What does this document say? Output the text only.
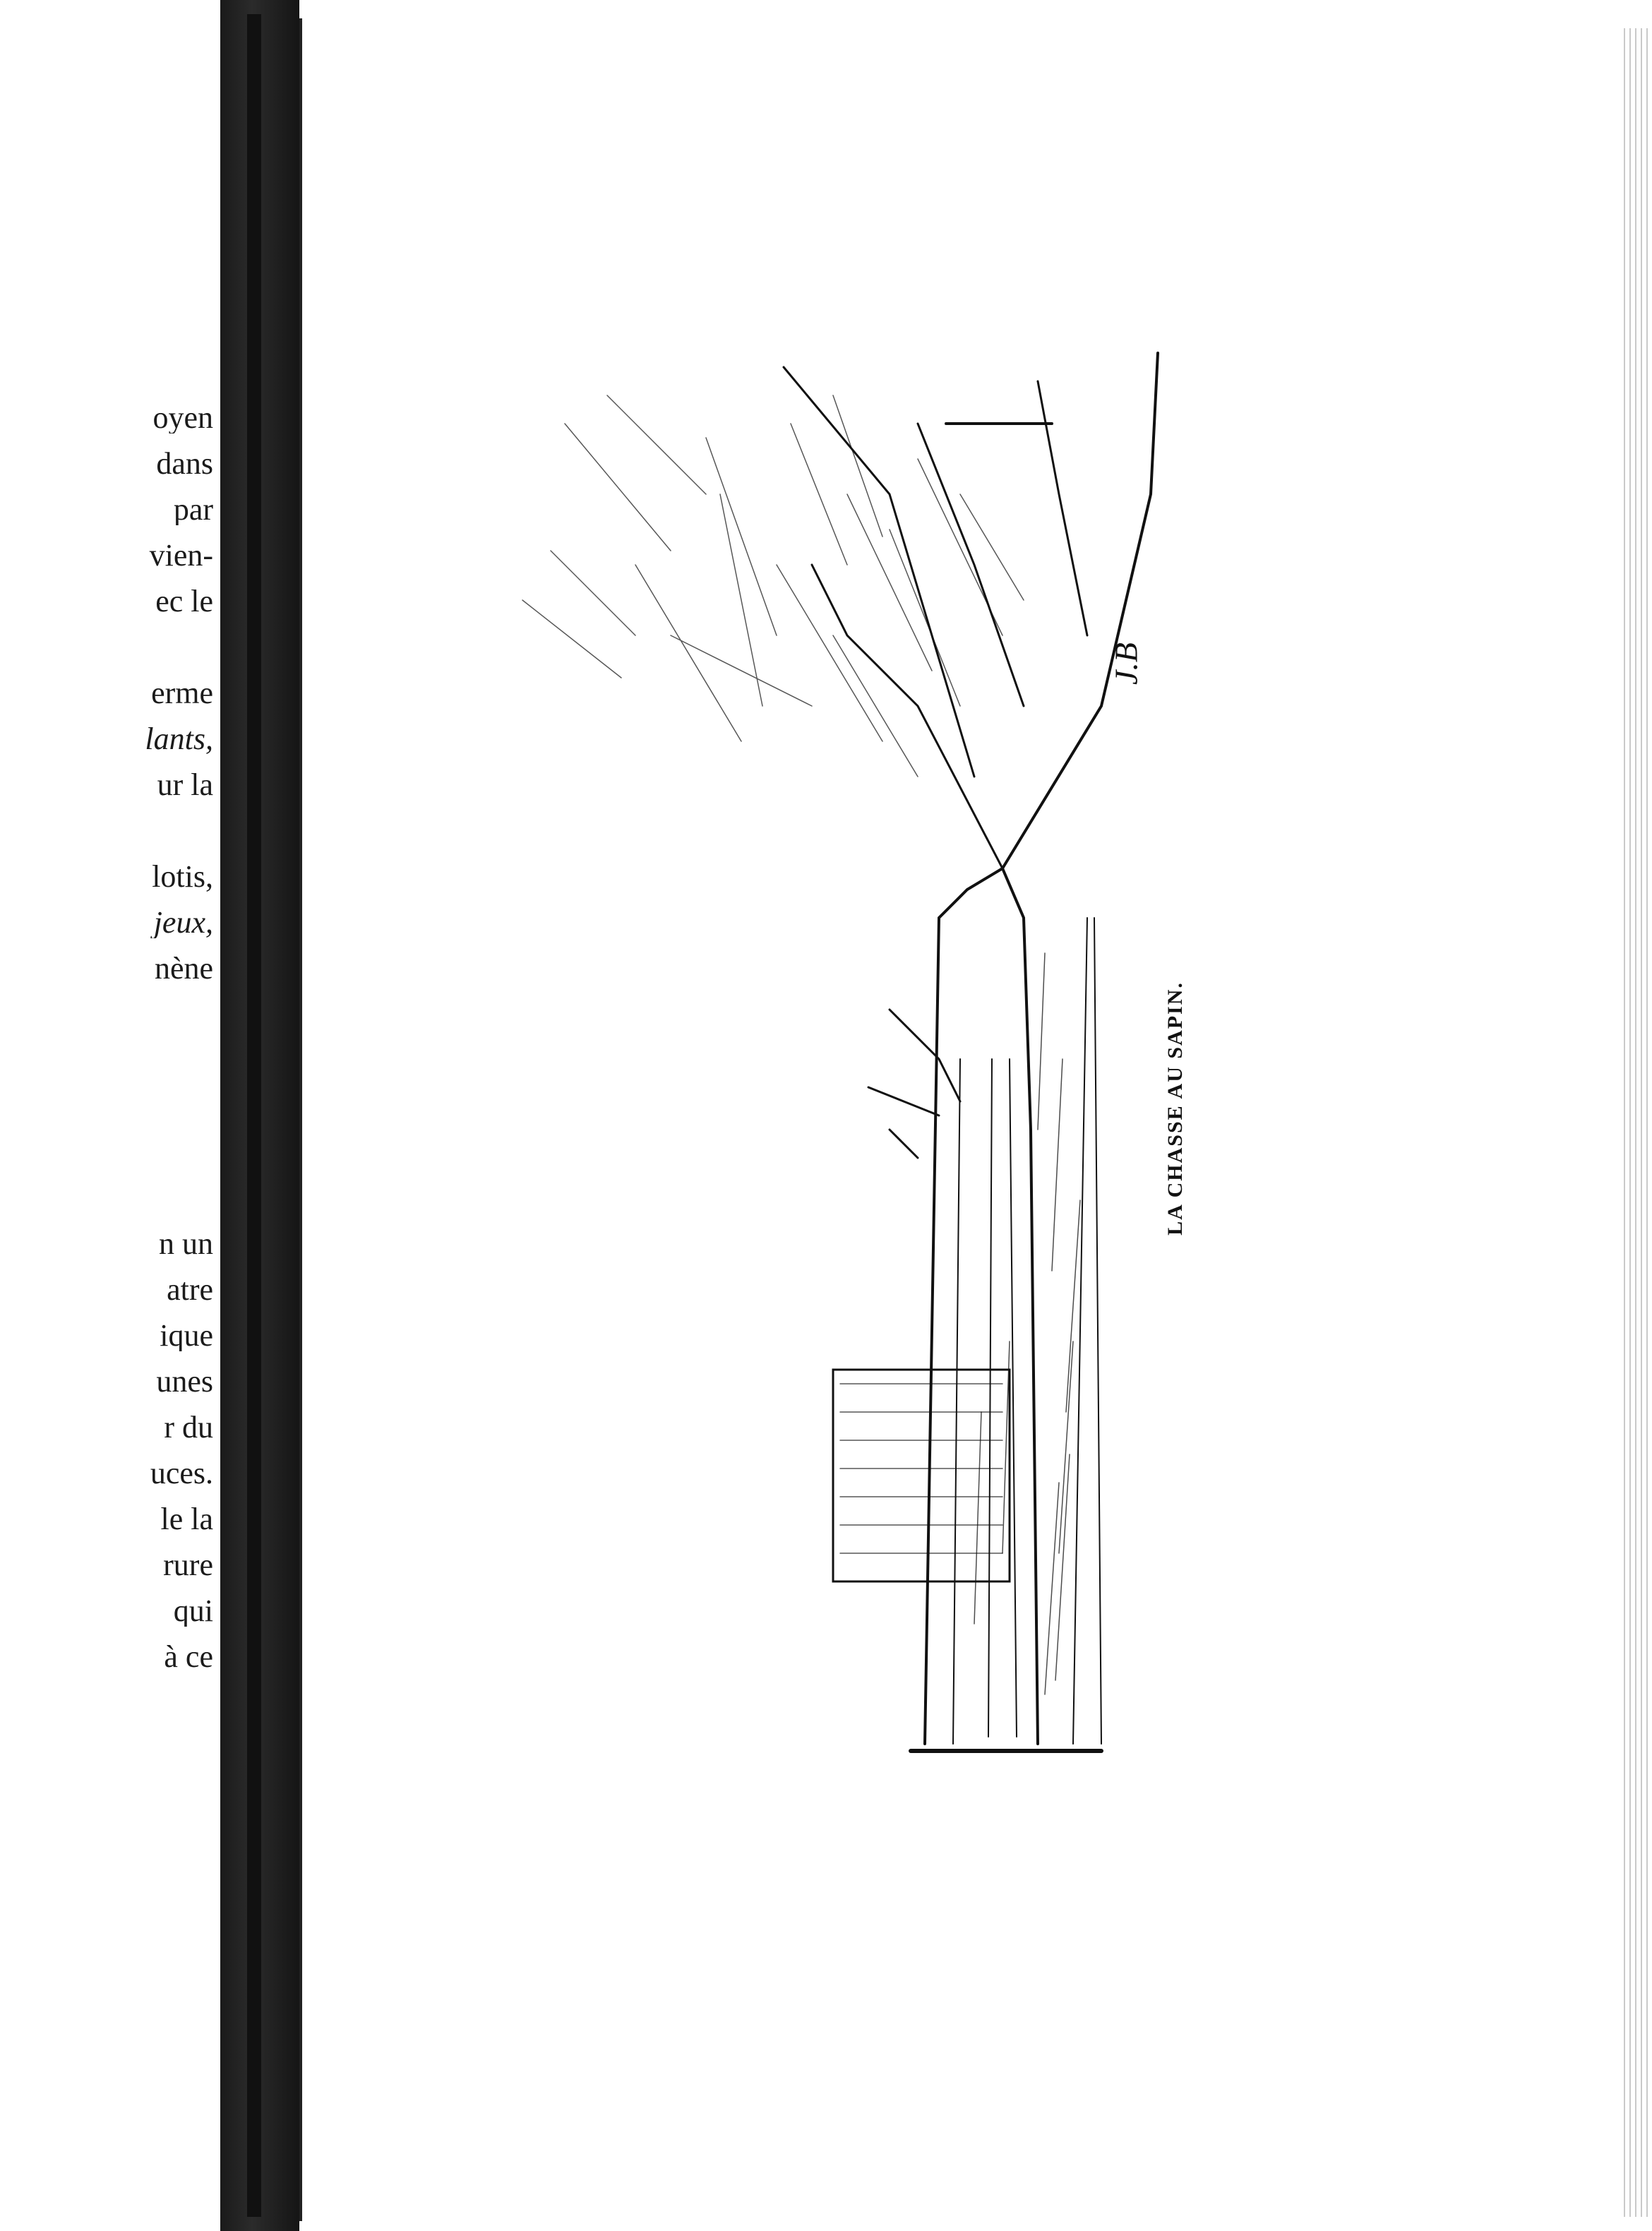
oyen
dans
par
vien-
ec le
erme
lants,
ur la
lotis,
jeux,
nène
n un
atre
ique
unes
r du
uces.
le la
rure
qui
à ce
J.B
LA CHASSE AU SAPIN.
